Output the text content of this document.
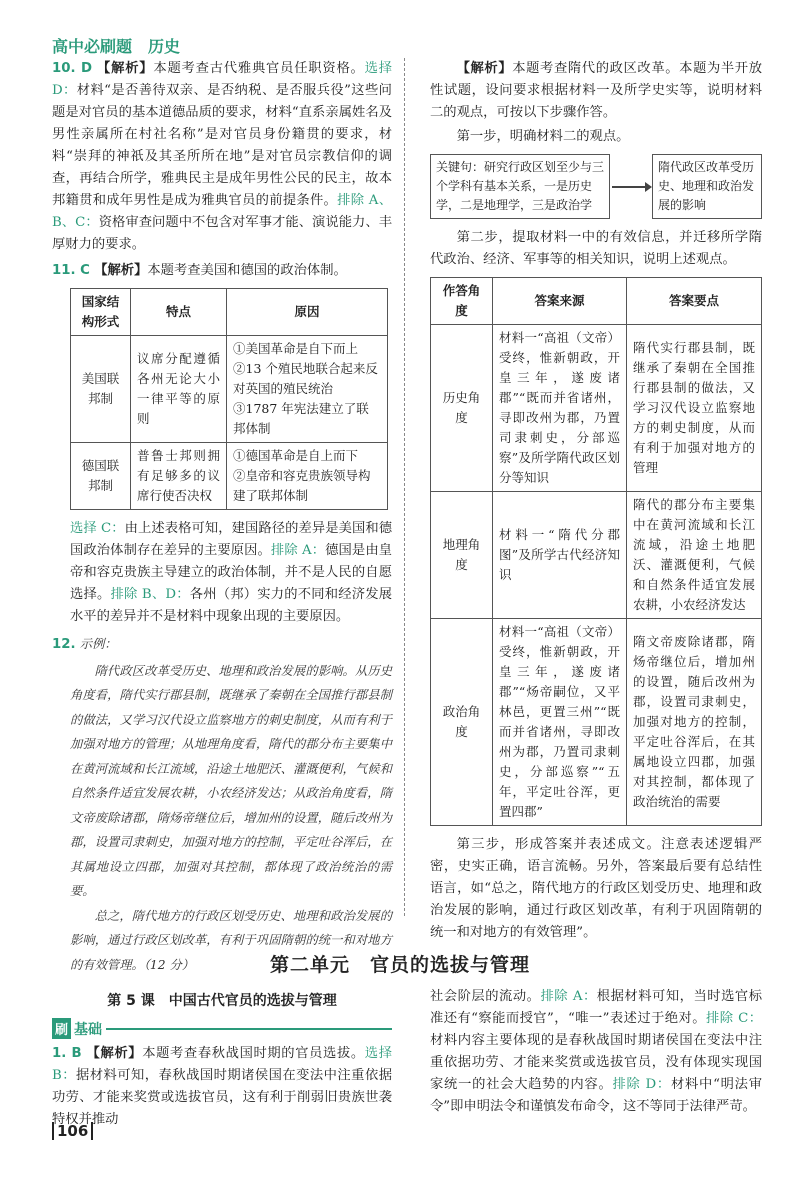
高中必刷题　历史

10. D 【解析】本题考查古代雅典官员任职资格。选择 D：材料“是否善待双亲、是否纳税、是否服兵役”这些问题是对官员的基本道德品质的要求，材料“直系亲属姓名及男性亲属所在村社名称”是对官员身份籍贯的要求，材料“崇拜的神祇及其圣所所在地”是对官员宗教信仰的调查，再结合所学，雅典民主是成年男性公民的民主，故本邦籍贯和成年男性是成为雅典官员的前提条件。排除 A、B、C：资格审查问题中不包含对军事才能、演说能力、丰厚财力的要求。

11. C 【解析】本题考查美国和德国的政治体制。

国家结构形式	特点	原因
美国联邦制	议席分配遵循各州无论大小一律平等的原则	①美国革命是自下而上
②13 个殖民地联合起来反对英国的殖民统治
③1787 年宪法建立了联邦体制

德国联邦制	普鲁士邦则拥有足够多的议席行使否决权	①德国革命是自上而下
②皇帝和容克贵族领导构建了联邦体制

选择 C：由上述表格可知，建国路径的差异是美国和德国政治体制存在差异的主要原因。排除 A：德国是由皇帝和容克贵族主导建立的政治体制，并不是人民的自愿选择。排除 B、D：各州（邦）实力的不同和经济发展水平的差异并不是材料中现象出现的主要原因。

12. 示例：

隋代政区改革受历史、地理和政治发展的影响。从历史角度看，隋代实行郡县制，既继承了秦朝在全国推行郡县制的做法，又学习汉代设立监察地方的刺史制度，从而有利于加强对地方的管理；从地理角度看，隋代的郡分布主要集中在黄河流域和长江流域，沿途土地肥沃、灌溉便利，气候和自然条件适宜发展农耕，小农经济发达；从政治角度看，隋文帝废除诸郡，隋炀帝继位后，增加州的设置，随后改州为郡，设置司隶刺史，加强对地方的控制，平定吐谷浑后，在其属地设立四郡，加强对其控制，都体现了政治统治的需要。
总之，隋代地方的行政区划受历史、地理和政治发展的影响，通过行政区划改革，有利于巩固隋朝的统一和对地方的有效管理。（12 分）

【解析】本题考查隋代的政区改革。本题为半开放性试题，设问要求根据材料一及所学史实等，说明材料二的观点，可按以下步骤作答。

第一步，明确材料二的观点。

关键句：研究行政区划至少与三个学科有基本关系，一是历史学，二是地理学，三是政治学
隋代政区改革受历史、地理和政治发展的影响

第二步，提取材料一中的有效信息，并迁移所学隋代政治、经济、军事等的相关知识，说明上述观点。

作答角度	答案来源	答案要点
历史角度	材料一“高祖（文帝）受终，惟新朝政，开皇三年，遂废诸郡”“既而并省诸州，寻即改州为郡，乃置司隶刺史，分部巡察”及所学隋代政区划分等知识	隋代实行郡县制，既继承了秦朝在全国推行郡县制的做法，又学习汉代设立监察地方的刺史制度，从而有利于加强对地方的管理
地理角度	材料一“隋代分郡图”及所学古代经济知识	隋代的郡分布主要集中在黄河流域和长江流域，沿途土地肥沃、灌溉便利，气候和自然条件适宜发展农耕，小农经济发达
政治角度	材料一“高祖（文帝）受终，惟新朝政，开皇三年，遂废诸郡”“炀帝嗣位，又平林邑，更置三州”“既而并省诸州，寻即改州为郡，乃置司隶刺史，分部巡察”“五年，平定吐谷浑，更置四郡”	隋文帝废除诸郡，隋炀帝继位后，增加州的设置，随后改州为郡，设置司隶刺史，加强对地方的控制，平定吐谷浑后，在其属地设立四郡，加强对其控制，都体现了政治统治的需要

第三步，形成答案并表述成文。注意表述逻辑严密，史实正确，语言流畅。另外，答案最后要有总结性语言，如“总之，隋代地方的行政区划受历史、地理和政治发展的影响，通过行政区划改革，有利于巩固隋朝的统一和对地方的有效管理”。

第二单元　官员的选拔与管理
第 5 课　中国古代官员的选拔与管理
刷 基础

1. B 【解析】本题考查春秋战国时期的官员选拔。选择 B：据材料可知，春秋战国时期诸侯国在变法中注重依据功劳、才能来奖赏或选拔官员，这有利于削弱旧贵族世袭特权并推动

社会阶层的流动。排除 A：根据材料可知，当时选官标准还有“察能而授官”，“唯一”表述过于绝对。排除 C：材料内容主要体现的是春秋战国时期诸侯国在变法中注重依据功劳、才能来奖赏或选拔官员，没有体现实现国家统一的社会大趋势的内容。排除 D：材料中“明法审令”即申明法令和谨慎发布命令，这不等同于法律严苛。

106
